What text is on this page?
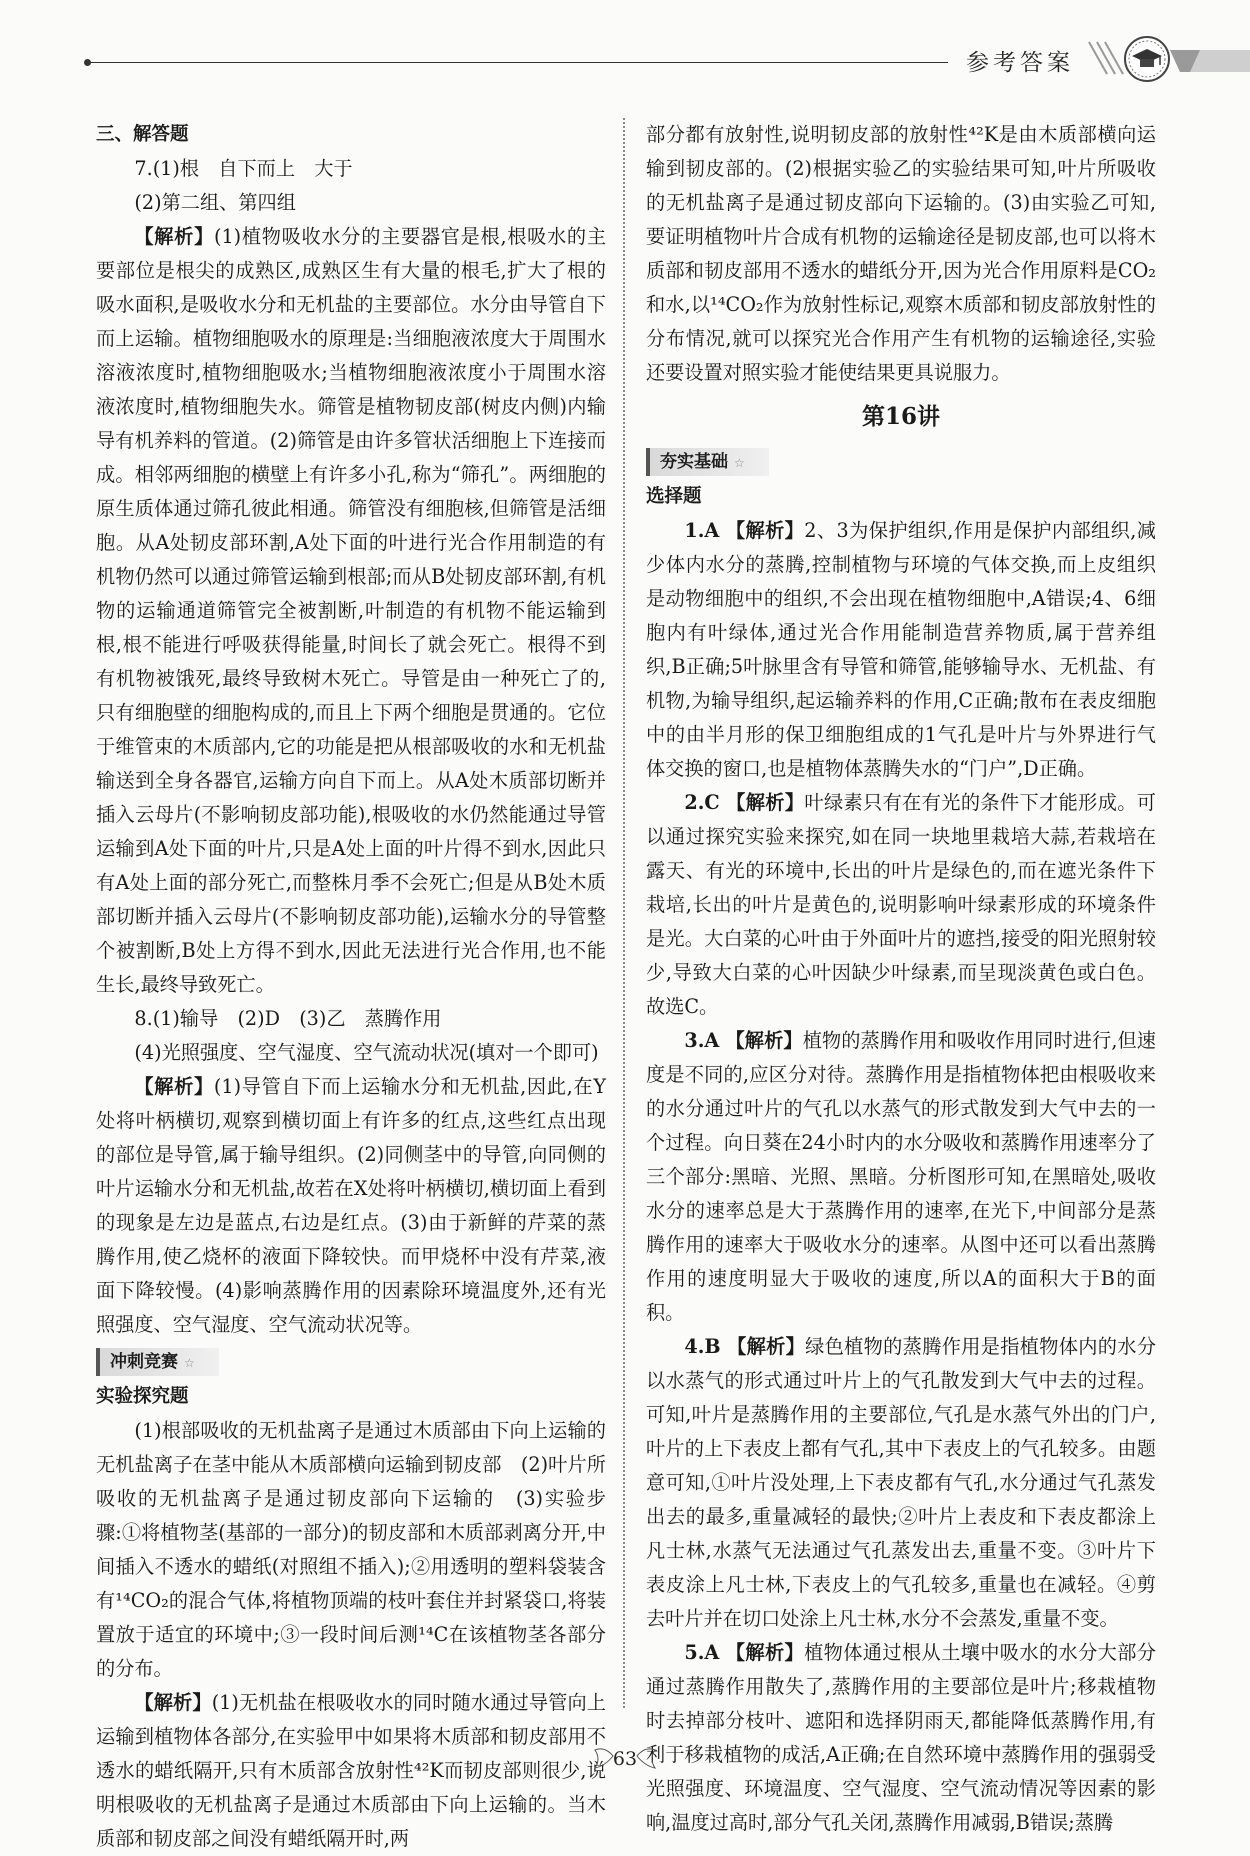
参考答案

三、解答题

7.(1)根　自下而上　大于

(2)第二组、第四组

【解析】(1)植物吸收水分的主要器官是根,根吸水的主要部位是根尖的成熟区,成熟区生有大量的根毛,扩大了根的吸水面积,是吸收水分和无机盐的主要部位。水分由导管自下而上运输。植物细胞吸水的原理是:当细胞液浓度大于周围水溶液浓度时,植物细胞吸水;当植物细胞液浓度小于周围水溶液浓度时,植物细胞失水。筛管是植物韧皮部(树皮内侧)内输导有机养料的管道。(2)筛管是由许多管状活细胞上下连接而成。相邻两细胞的横壁上有许多小孔,称为“筛孔”。两细胞的原生质体通过筛孔彼此相通。筛管没有细胞核,但筛管是活细胞。从A处韧皮部环割,A处下面的叶进行光合作用制造的有机物仍然可以通过筛管运输到根部;而从B处韧皮部环割,有机物的运输通道筛管完全被割断,叶制造的有机物不能运输到根,根不能进行呼吸获得能量,时间长了就会死亡。根得不到有机物被饿死,最终导致树木死亡。导管是由一种死亡了的,只有细胞壁的细胞构成的,而且上下两个细胞是贯通的。它位于维管束的木质部内,它的功能是把从根部吸收的水和无机盐输送到全身各器官,运输方向自下而上。从A处木质部切断并插入云母片(不影响韧皮部功能),根吸收的水仍然能通过导管运输到A处下面的叶片,只是A处上面的叶片得不到水,因此只有A处上面的部分死亡,而整株月季不会死亡;但是从B处木质部切断并插入云母片(不影响韧皮部功能),运输水分的导管整个被割断,B处上方得不到水,因此无法进行光合作用,也不能生长,最终导致死亡。

8.(1)输导　(2)D　(3)乙　蒸腾作用

(4)光照强度、空气湿度、空气流动状况(填对一个即可)

【解析】(1)导管自下而上运输水分和无机盐,因此,在Y处将叶柄横切,观察到横切面上有许多的红点,这些红点出现的部位是导管,属于输导组织。(2)同侧茎中的导管,向同侧的叶片运输水分和无机盐,故若在X处将叶柄横切,横切面上看到的现象是左边是蓝点,右边是红点。(3)由于新鲜的芹菜的蒸腾作用,使乙烧杯的液面下降较快。而甲烧杯中没有芹菜,液面下降较慢。(4)影响蒸腾作用的因素除环境温度外,还有光照强度、空气湿度、空气流动状况等。

冲刺竞赛 ☆

实验探究题

(1)根部吸收的无机盐离子是通过木质部由下向上运输的　无机盐离子在茎中能从木质部横向运输到韧皮部　(2)叶片所吸收的无机盐离子是通过韧皮部向下运输的　(3)实验步骤:①将植物茎(基部的一部分)的韧皮部和木质部剥离分开,中间插入不透水的蜡纸(对照组不插入);②用透明的塑料袋装含有¹⁴CO₂的混合气体,将植物顶端的枝叶套住并封紧袋口,将装置放于适宜的环境中;③一段时间后测¹⁴C在该植物茎各部分的分布。

【解析】(1)无机盐在根吸收水的同时随水通过导管向上运输到植物体各部分,在实验甲中如果将木质部和韧皮部用不透水的蜡纸隔开,只有木质部含放射性⁴²K而韧皮部则很少,说明根吸收的无机盐离子是通过木质部由下向上运输的。当木质部和韧皮部之间没有蜡纸隔开时,两

部分都有放射性,说明韧皮部的放射性⁴²K是由木质部横向运输到韧皮部的。(2)根据实验乙的实验结果可知,叶片所吸收的无机盐离子是通过韧皮部向下运输的。(3)由实验乙可知,要证明植物叶片合成有机物的运输途径是韧皮部,也可以将木质部和韧皮部用不透水的蜡纸分开,因为光合作用原料是CO₂和水,以¹⁴CO₂作为放射性标记,观察木质部和韧皮部放射性的分布情况,就可以探究光合作用产生有机物的运输途径,实验还要设置对照实验才能使结果更具说服力。

第16讲

夯实基础 ☆

选择题

1.A 【解析】2、3为保护组织,作用是保护内部组织,减少体内水分的蒸腾,控制植物与环境的气体交换,而上皮组织是动物细胞中的组织,不会出现在植物细胞中,A错误;4、6细胞内有叶绿体,通过光合作用能制造营养物质,属于营养组织,B正确;5叶脉里含有导管和筛管,能够输导水、无机盐、有机物,为输导组织,起运输养料的作用,C正确;散布在表皮细胞中的由半月形的保卫细胞组成的1气孔是叶片与外界进行气体交换的窗口,也是植物体蒸腾失水的“门户”,D正确。

2.C 【解析】叶绿素只有在有光的条件下才能形成。可以通过探究实验来探究,如在同一块地里栽培大蒜,若栽培在露天、有光的环境中,长出的叶片是绿色的,而在遮光条件下栽培,长出的叶片是黄色的,说明影响叶绿素形成的环境条件是光。大白菜的心叶由于外面叶片的遮挡,接受的阳光照射较少,导致大白菜的心叶因缺少叶绿素,而呈现淡黄色或白色。故选C。

3.A 【解析】植物的蒸腾作用和吸收作用同时进行,但速度是不同的,应区分对待。蒸腾作用是指植物体把由根吸收来的水分通过叶片的气孔以水蒸气的形式散发到大气中去的一个过程。向日葵在24小时内的水分吸收和蒸腾作用速率分了三个部分:黑暗、光照、黑暗。分析图形可知,在黑暗处,吸收水分的速率总是大于蒸腾作用的速率,在光下,中间部分是蒸腾作用的速率大于吸收水分的速率。从图中还可以看出蒸腾作用的速度明显大于吸收的速度,所以A的面积大于B的面积。

4.B 【解析】绿色植物的蒸腾作用是指植物体内的水分以水蒸气的形式通过叶片上的气孔散发到大气中去的过程。可知,叶片是蒸腾作用的主要部位,气孔是水蒸气外出的门户,叶片的上下表皮上都有气孔,其中下表皮上的气孔较多。由题意可知,①叶片没处理,上下表皮都有气孔,水分通过气孔蒸发出去的最多,重量减轻的最快;②叶片上表皮和下表皮都涂上凡士林,水蒸气无法通过气孔蒸发出去,重量不变。③叶片下表皮涂上凡士林,下表皮上的气孔较多,重量也在减轻。④剪去叶片并在切口处涂上凡士林,水分不会蒸发,重量不变。

5.A 【解析】植物体通过根从土壤中吸水的水分大部分通过蒸腾作用散失了,蒸腾作用的主要部位是叶片;移栽植物时去掉部分枝叶、遮阳和选择阴雨天,都能降低蒸腾作用,有利于移栽植物的成活,A正确;在自然环境中蒸腾作用的强弱受光照强度、环境温度、空气湿度、空气流动情况等因素的影响,温度过高时,部分气孔关闭,蒸腾作用减弱,B错误;蒸腾

63
